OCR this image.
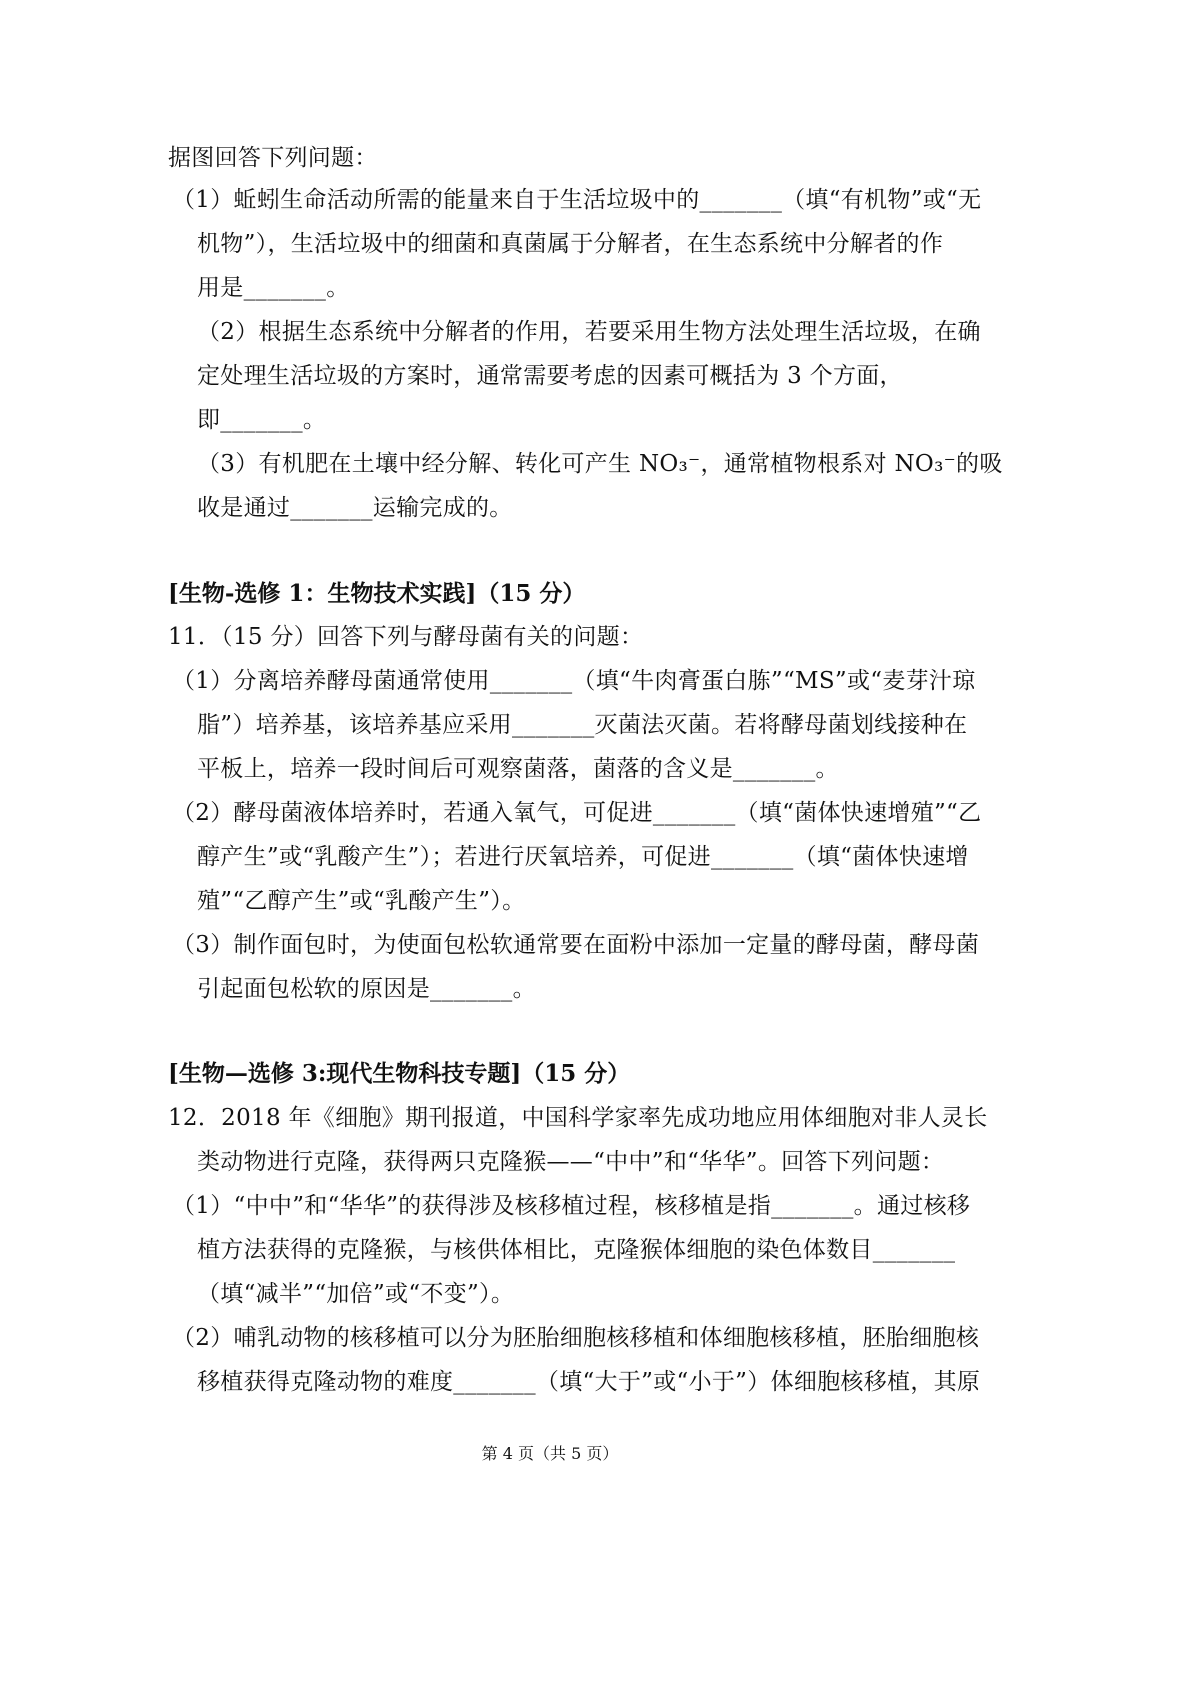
据图回答下列问题：
（1）蚯蚓生命活动所需的能量来自于生活垃圾中的_______（填“有机物”或“无
机物”），生活垃圾中的细菌和真菌属于分解者，在生态系统中分解者的作
用是_______。
（2）根据生态系统中分解者的作用，若要采用生物方法处理生活垃圾，在确
定处理生活垃圾的方案时，通常需要考虑的因素可概括为 3 个方面，
即_______。
（3）有机肥在土壤中经分解、转化可产生 NO₃⁻，通常植物根系对 NO₃⁻的吸
收是通过_______运输完成的。
[生物-选修 1：生物技术实践]（15 分）
11．（15 分）回答下列与酵母菌有关的问题：
（1）分离培养酵母菌通常使用_______（填“牛肉膏蛋白胨”“MS”或“麦芽汁琼
脂”）培养基，该培养基应采用_______灭菌法灭菌。若将酵母菌划线接种在
平板上，培养一段时间后可观察菌落，菌落的含义是_______。
（2）酵母菌液体培养时，若通入氧气，可促进_______（填“菌体快速增殖”“乙
醇产生”或“乳酸产生”）；若进行厌氧培养，可促进_______（填“菌体快速增
殖”“乙醇产生”或“乳酸产生”）。
（3）制作面包时，为使面包松软通常要在面粉中添加一定量的酵母菌，酵母菌
引起面包松软的原因是_______。
[生物—选修 3:现代生物科技专题]（15 分）
12．2018 年《细胞》期刊报道，中国科学家率先成功地应用体细胞对非人灵长
类动物进行克隆，获得两只克隆猴——“中中”和“华华”。回答下列问题：
（1）“中中”和“华华”的获得涉及核移植过程，核移植是指_______。通过核移
植方法获得的克隆猴，与核供体相比，克隆猴体细胞的染色体数目_______
（填“减半”“加倍”或“不变”）。
（2）哺乳动物的核移植可以分为胚胎细胞核移植和体细胞核移植，胚胎细胞核
移植获得克隆动物的难度_______（填“大于”或“小于”）体细胞核移植，其原
第 4 页（共 5 页）
